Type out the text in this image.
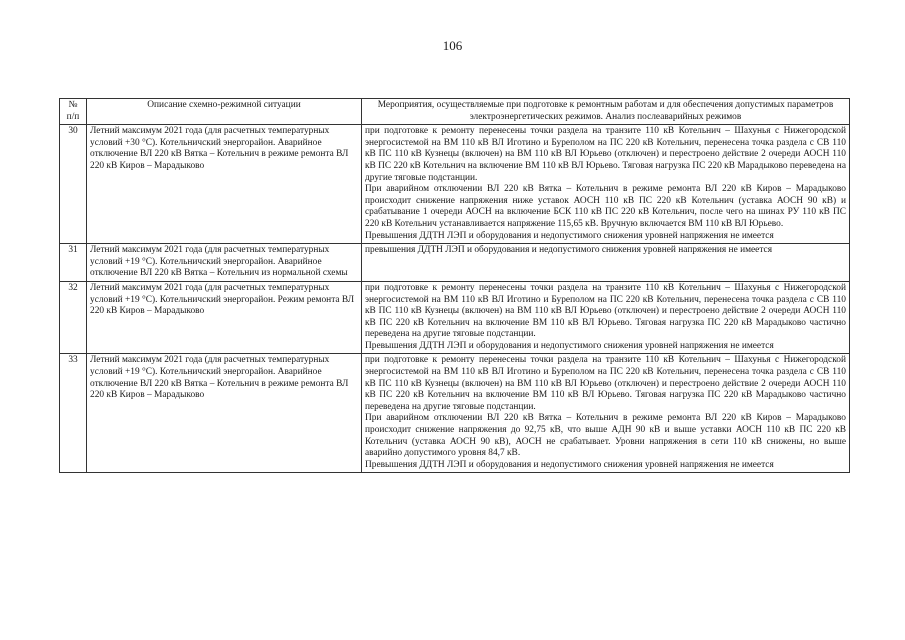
106
№
п/п	Описание схемно-режимной ситуации	Мероприятия, осуществляемые при подготовке к ремонтным работам и для обеспечения допустимых параметров электроэнергетических режимов. Анализ послеаварийных режимов
30	Летний максимум 2021 года (для расчетных температурных условий +30 °С). Котельничский энергорайон. Аварийное отключение ВЛ 220 кВ Вятка – Котельнич в режиме ремонта ВЛ 220 кВ Киров – Марадыково	при подготовке к ремонту перенесены точки раздела на транзите 110 кВ Котельнич – Шахунья с Нижегородской энергосистемой на ВМ 110 кВ ВЛ Иготино и Буреполом на ПС 220 кВ Котельнич, перенесена точка раздела с СВ 110 кВ ПС 110 кВ Кузнецы (включен) на ВМ 110 кВ ВЛ Юрьево (отключен) и перестроено действие 2 очереди АОСН 110 кВ ПС 220 кВ Котельнич на включение ВМ 110 кВ ВЛ Юрьево. Тяговая нагрузка ПС 220 кВ Марадыково переведена на другие тяговые подстанции.
При аварийном отключении ВЛ 220 кВ Вятка – Котельнич в режиме ремонта ВЛ 220 кВ Киров – Марадыково происходит снижение напряжения ниже уставок АОСН 110 кВ ПС 220 кВ Котельнич (уставка АОСН 90 кВ) и срабатывание 1 очереди АОСН на включение БСК 110 кВ ПС 220 кВ Котельнич, после чего на шинах РУ 110 кВ ПС 220 кВ Котельнич устанавливается напряжение 115,65 кВ. Вручную включается ВМ 110 кВ ВЛ Юрьево.
Превышения ДДТН ЛЭП и оборудования и недопустимого снижения уровней напряжения не имеется

31	Летний максимум 2021 года (для расчетных температурных условий +19 °С). Котельничский энергорайон. Аварийное отключение ВЛ 220 кВ Вятка – Котельнич из нормальной схемы	превышения ДДТН ЛЭП и оборудования и недопустимого снижения уровней напряжения не имеется

32	Летний максимум 2021 года (для расчетных температурных условий +19 °С). Котельничский энергорайон. Режим ремонта ВЛ 220 кВ Киров – Марадыково	при подготовке к ремонту перенесены точки раздела на транзите 110 кВ Котельнич – Шахунья с Нижегородской энергосистемой на ВМ 110 кВ ВЛ Иготино и Буреполом на ПС 220 кВ Котельнич, перенесена точка раздела с СВ 110 кВ ПС 110 кВ Кузнецы (включен) на ВМ 110 кВ ВЛ Юрьево (отключен) и перестроено действие 2 очереди АОСН 110 кВ ПС 220 кВ Котельнич на включение ВМ 110 кВ ВЛ Юрьево. Тяговая нагрузка ПС 220 кВ Марадыково частично переведена на другие тяговые подстанции.
Превышения ДДТН ЛЭП и оборудования и недопустимого снижения уровней напряжения не имеется

33	Летний максимум 2021 года (для расчетных температурных условий +19 °С). Котельничский энергорайон. Аварийное отключение ВЛ 220 кВ Вятка – Котельнич в режиме ремонта ВЛ 220 кВ Киров – Марадыково	при подготовке к ремонту перенесены точки раздела на транзите 110 кВ Котельнич – Шахунья с Нижегородской энергосистемой на ВМ 110 кВ ВЛ Иготино и Буреполом на ПС 220 кВ Котельнич, перенесена точка раздела с СВ 110 кВ ПС 110 кВ Кузнецы (включен) на ВМ 110 кВ ВЛ Юрьево (отключен) и перестроено действие 2 очереди АОСН 110 кВ ПС 220 кВ Котельнич на включение ВМ 110 кВ ВЛ Юрьево. Тяговая нагрузка ПС 220 кВ Марадыково частично переведена на другие тяговые подстанции.
При аварийном отключении ВЛ 220 кВ Вятка – Котельнич в режиме ремонта ВЛ 220 кВ Киров – Марадыково происходит снижение напряжения до 92,75 кВ, что выше АДН 90 кВ и выше уставки АОСН 110 кВ ПС 220 кВ Котельнич (уставка АОСН 90 кВ), АОСН не срабатывает. Уровни напряжения в сети 110 кВ снижены, но выше аварийно допустимого уровня 84,7 кВ.
Превышения ДДТН ЛЭП и оборудования и недопустимого снижения уровней напряжения не имеется
